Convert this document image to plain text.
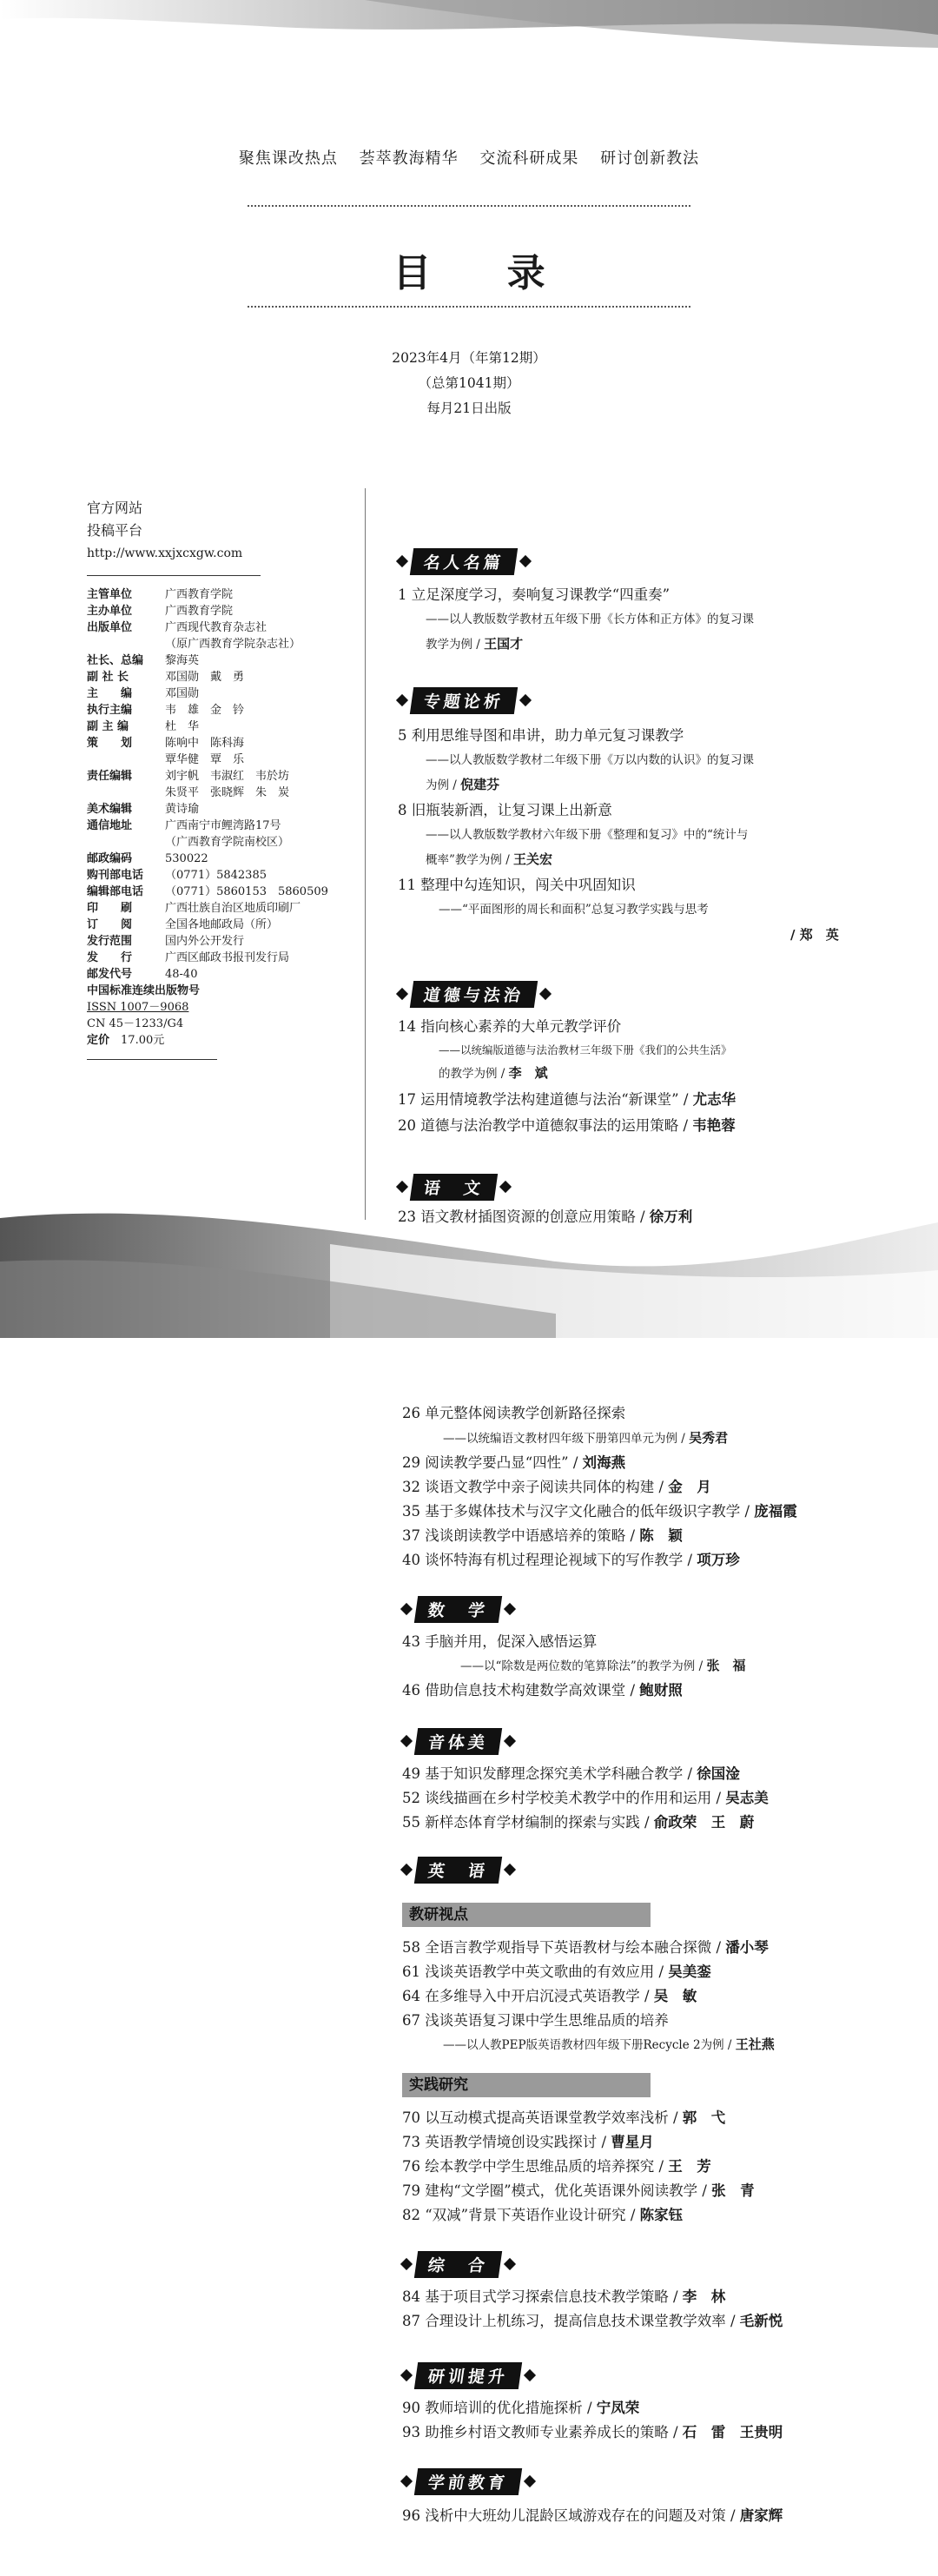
聚焦课改热点 荟萃教海精华 交流科研成果 研讨创新教法
目 录
2023年4月（年第12期）
（总第1041期）
每月21日出版
官方网站
投稿平台
http://www.xxjxcxgw.com
主管单位	广西教育学院
主办单位	广西教育学院
出版单位	广西现代教育杂志社
（原广西教育学院杂志社）
社长、总编	黎海英
副 社 长	邓国勋　戴　勇
主　　编	邓国勋
执行主编	韦　雄　金　钤
副 主 编	杜　华
策　　划	陈响中　陈科海
覃华健　覃　乐
责任编辑	刘宇帆　韦淑红　韦於坊
朱贤平　张晓辉　朱　炭
美术编辑	黄诗瑜
通信地址	广西南宁市鲤湾路17号
（广西教育学院南校区）
邮政编码	530022
购刊部电话	（0771）5842385
编辑部电话	（0771）5860153　5860509
印　　刷	广西壮族自治区地质印刷厂
订　　阅	全国各地邮政局（所）
发行范围	国内外公开发行
发　　行	广西区邮政书报刊发行局
邮发代号	48-40
中国标准连续出版物号
ISSN 1007－9068
CN 45－1233/G4
定价　 17.00元
名人名篇
1 立足深度学习，奏响复习课教学“四重奏”
——以人教版数学教材五年级下册《长方体和正方体》的复习课
教学为例 / 王国才
专题论析
5 利用思维导图和串讲，助力单元复习课教学
——以人教版数学教材二年级下册《万以内数的认识》的复习课
为例 / 倪建芬
8 旧瓶装新酒，让复习课上出新意
——以人教版数学教材六年级下册《整理和复习》中的“统计与
概率”教学为例 / 王关宏
11 整理中勾连知识，闯关中巩固知识
——“平面图形的周长和面积”总复习教学实践与思考
/ 郑　英
道德与法治
14 指向核心素养的大单元教学评价
——以统编版道德与法治教材三年级下册《我们的公共生活》
的教学为例 / 李　斌
17 运用情境教学法构建道德与法治“新课堂” / 尤志华
20 道德与法治教学中道德叙事法的运用策略 / 韦艳蓉
语　文
23 语文教材插图资源的创意应用策略 / 徐万利
26 单元整体阅读教学创新路径探索
——以统编语文教材四年级下册第四单元为例 / 吴秀君
29 阅读教学要凸显“四性” / 刘海燕
32 谈语文教学中亲子阅读共同体的构建 / 金　月
35 基于多媒体技术与汉字文化融合的低年级识字教学 / 庞福霞
37 浅谈朗读教学中语感培养的策略 / 陈　颖
40 谈怀特海有机过程理论视域下的写作教学 / 项万珍
数　学
43 手脑并用，促深入感悟运算
——以“除数是两位数的笔算除法”的教学为例 / 张　福
46 借助信息技术构建数学高效课堂 / 鲍财照
音体美
49 基于知识发酵理念探究美术学科融合教学 / 徐国淦
52 谈线描画在乡村学校美术教学中的作用和运用 / 吴志美
55 新样态体育学材编制的探索与实践 / 俞政荣　王　蔚
英　语
教研视点
58 全语言教学观指导下英语教材与绘本融合探微 / 潘小琴
61 浅谈英语教学中英文歌曲的有效应用 / 吴美銮
64 在多维导入中开启沉浸式英语教学 / 吴　敏
67 浅谈英语复习课中学生思维品质的培养
——以人教PEP版英语教材四年级下册Recycle 2为例 / 王社燕
实践研究
70 以互动模式提高英语课堂教学效率浅析 / 郭　弋
73 英语教学情境创设实践探讨 / 曹星月
76 绘本教学中学生思维品质的培养探究 / 王　芳
79 建构“文学圈”模式，优化英语课外阅读教学 / 张　青
82 “双减”背景下英语作业设计研究 / 陈家钰
综　合
84 基于项目式学习探索信息技术教学策略 / 李　林
87 合理设计上机练习，提高信息技术课堂教学效率 / 毛新悦
研训提升
90 教师培训的优化措施探析 / 宁凤荣
93 助推乡村语文教师专业素养成长的策略 / 石　雷　王贵明
学前教育
96 浅析中大班幼儿混龄区域游戏存在的问题及对策 / 唐家辉
